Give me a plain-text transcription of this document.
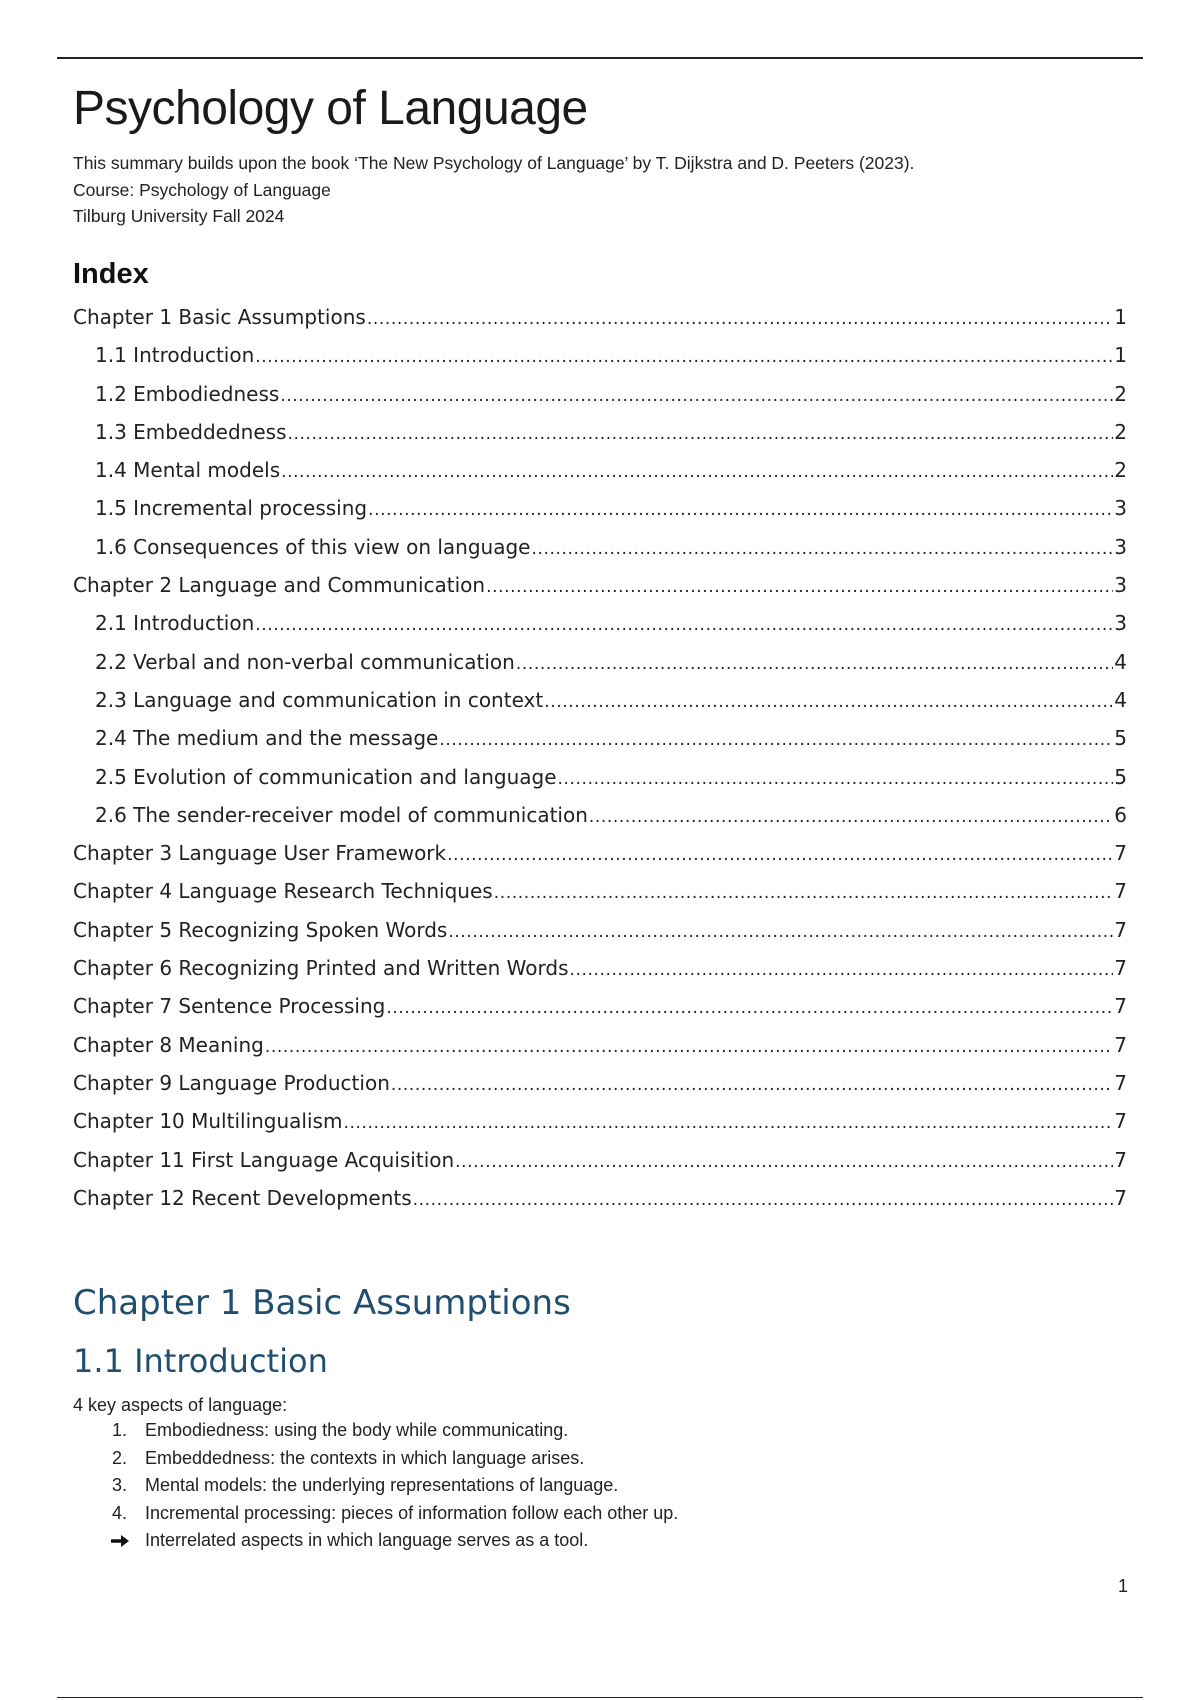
Psychology of Language
This summary builds upon the book ‘The New Psychology of Language’ by T. Dijkstra and D. Peeters (2023).
Course: Psychology of Language
Tilburg University Fall 2024
Index
Chapter 1 Basic Assumptions .....	1
1.1 Introduction .....	1
1.2 Embodiedness .....	2
1.3 Embeddedness .....	2
1.4 Mental models .....	2
1.5 Incremental processing .....	3
1.6 Consequences of this view on language .....	3
Chapter 2 Language and Communication .....	3
2.1 Introduction .....	3
2.2 Verbal and non-verbal communication .....	4
2.3 Language and communication in context .....	4
2.4 The medium and the message .....	5
2.5 Evolution of communication and language .....	5
2.6 The sender-receiver model of communication .....	6
Chapter 3 Language User Framework .....	7
Chapter 4 Language Research Techniques .....	7
Chapter 5 Recognizing Spoken Words .....	7
Chapter 6 Recognizing Printed and Written Words .....	7
Chapter 7 Sentence Processing .....	7
Chapter 8 Meaning .....	7
Chapter 9 Language Production .....	7
Chapter 10 Multilingualism .....	7
Chapter 11 First Language Acquisition .....	7
Chapter 12 Recent Developments .....	7
Chapter 1 Basic Assumptions
1.1 Introduction
4 key aspects of language:
1. Embodiedness: using the body while communicating.
2. Embeddedness: the contexts in which language arises.
3. Mental models: the underlying representations of language.
4. Incremental processing: pieces of information follow each other up.
Interrelated aspects in which language serves as a tool.
1
